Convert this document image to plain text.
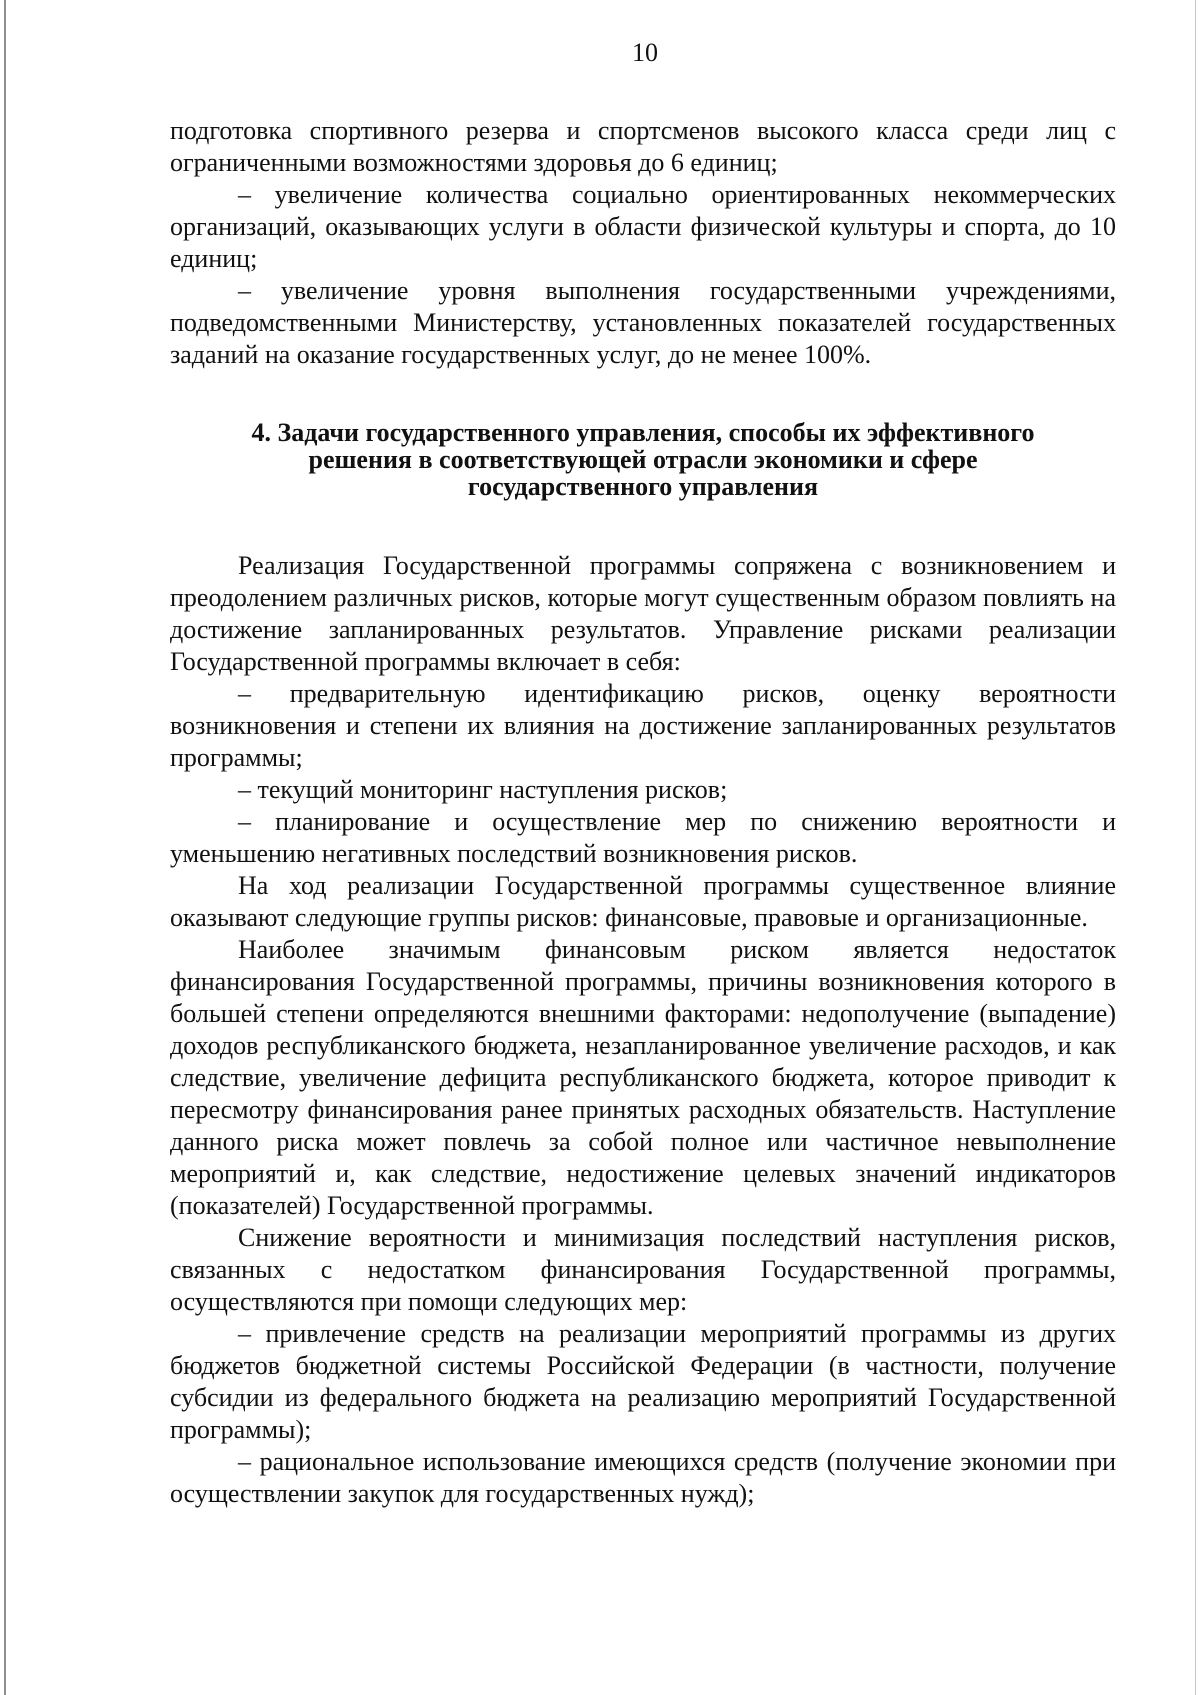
10

подготовка спортивного резерва и спортсменов высокого класса среди лиц с ограниченными возможностями здоровья до 6 единиц;

– увеличение количества социально ориентированных некоммерческих организаций, оказывающих услуги в области физической культуры и спорта, до 10 единиц;

– увеличение уровня выполнения государственными учреждениями, подведомственными Министерству, установленных показателей государственных заданий на оказание государственных услуг, до не менее 100%.

4. Задачи государственного управления, способы их эффективного
решения в соответствующей отрасли экономики и сфере
государственного управления

Реализация Государственной программы сопряжена с возникновением и преодолением различных рисков, которые могут существенным образом повлиять на достижение запланированных результатов. Управление рисками реализации Государственной программы включает в себя:

– предварительную идентификацию рисков, оценку вероятности возникновения и степени их влияния на достижение запланированных результатов программы;

– текущий мониторинг наступления рисков;

– планирование и осуществление мер по снижению вероятности и уменьшению негативных последствий возникновения рисков.

На ход реализации Государственной программы существенное влияние оказывают следующие группы рисков: финансовые, правовые и организационные.

Наиболее значимым финансовым риском является недостаток финансирования Государственной программы, причины возникновения которого в большей степени определяются внешними факторами: недополучение (выпадение) доходов республиканского бюджета, незапланированное увеличение расходов, и как следствие, увеличение дефицита республиканского бюджета, которое приводит к пересмотру финансирования ранее принятых расходных обязательств. Наступление данного риска может повлечь за собой полное или частичное невыполнение мероприятий и, как следствие, недостижение целевых значений индикаторов (показателей) Государственной программы.

Снижение вероятности и минимизация последствий наступления рисков, связанных с недостатком финансирования Государственной программы, осуществляются при помощи следующих мер:

– привлечение средств на реализации мероприятий программы из других бюджетов бюджетной системы Российской Федерации (в частности, получение субсидии из федерального бюджета на реализацию мероприятий Государственной программы);

– рациональное использование имеющихся средств (получение экономии при осуществлении закупок для государственных нужд);
